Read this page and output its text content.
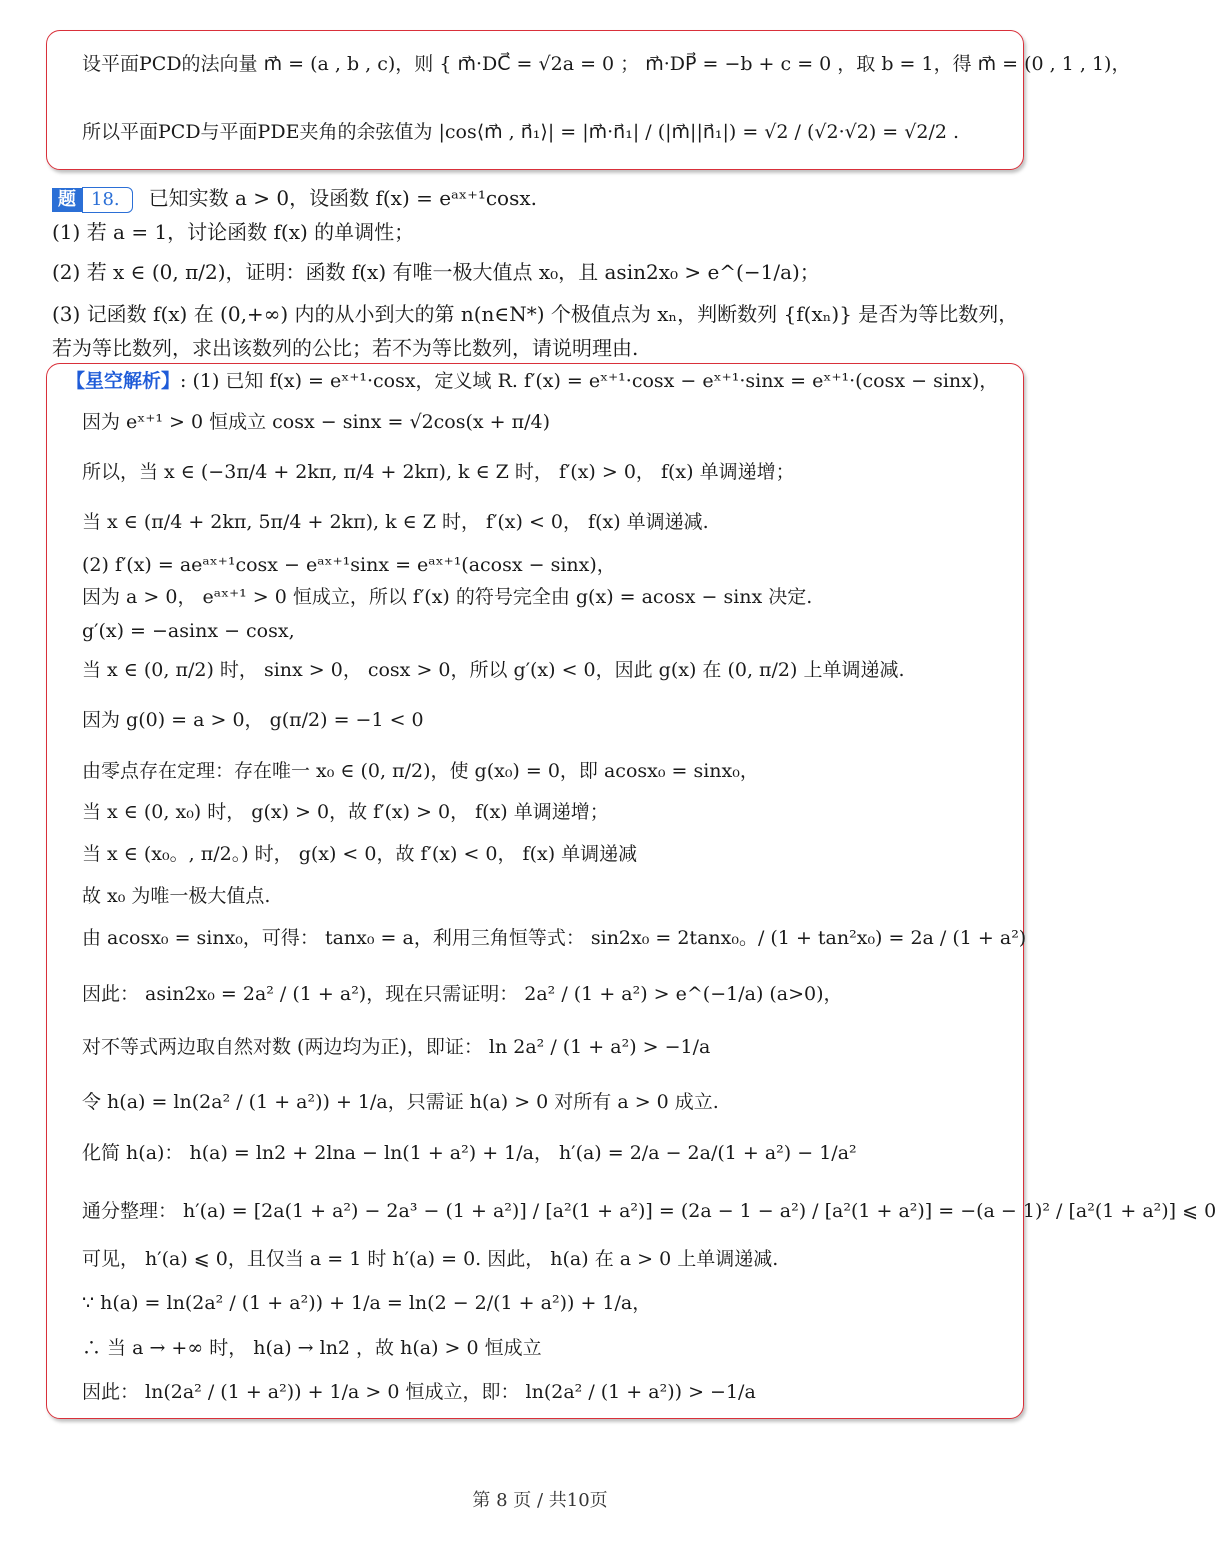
设平面PCD的法向量 m⃗ = (a , b , c)，则 { m⃗·DC⃗ = √2a = 0 ； m⃗·DP⃗ = −b + c = 0 ，取 b = 1，得 m⃗ = (0 , 1 , 1)，
所以平面PCD与平面PDE夹角的余弦值为 |cos⟨m⃗ , n⃗₁⟩| = |m⃗·n⃗₁| / (|m⃗||n⃗₁|) = √2 / (√2·√2) = √2/2 .
题 18. 已知实数 a > 0，设函数 f(x) = eᵃˣ⁺¹cosx.
(1) 若 a = 1，讨论函数 f(x) 的单调性；
(2) 若 x ∈ (0, π/2)，证明：函数 f(x) 有唯一极大值点 x₀，且 asin2x₀ > e^(−1/a)；
(3) 记函数 f(x) 在 (0,+∞) 内的从小到大的第 n(n∈N*) 个极值点为 xₙ，判断数列 {f(xₙ)} 是否为等比数列，
若为等比数列，求出该数列的公比；若不为等比数列，请说明理由.
【星空解析】: (1) 已知 f(x) = eˣ⁺¹·cosx，定义域 R. f′(x) = eˣ⁺¹·cosx − eˣ⁺¹·sinx = eˣ⁺¹·(cosx − sinx)，
因为 eˣ⁺¹ > 0 恒成立 cosx − sinx = √2cos(x + π/4)
所以，当 x ∈ (−3π/4 + 2kπ, π/4 + 2kπ), k ∈ Z 时， f′(x) > 0， f(x) 单调递增；
当 x ∈ (π/4 + 2kπ, 5π/4 + 2kπ), k ∈ Z 时， f′(x) < 0， f(x) 单调递减.
(2) f′(x) = aeᵃˣ⁺¹cosx − eᵃˣ⁺¹sinx = eᵃˣ⁺¹(acosx − sinx)，
因为 a > 0， eᵃˣ⁺¹ > 0 恒成立，所以 f′(x) 的符号完全由 g(x) = acosx − sinx 决定.
g′(x) = −asinx − cosx,
当 x ∈ (0, π/2) 时， sinx > 0， cosx > 0，所以 g′(x) < 0，因此 g(x) 在 (0, π/2) 上单调递减.
因为 g(0) = a > 0， g(π/2) = −1 < 0
由零点存在定理：存在唯一 x₀ ∈ (0, π/2)，使 g(x₀) = 0，即 acosx₀ = sinx₀，
当 x ∈ (0, x₀) 时， g(x) > 0，故 f′(x) > 0， f(x) 单调递增；
当 x ∈ (x₀。, π/2。) 时， g(x) < 0，故 f′(x) < 0， f(x) 单调递减
故 x₀ 为唯一极大值点.
由 acosx₀ = sinx₀，可得： tanx₀ = a，利用三角恒等式： sin2x₀ = 2tanx₀。/ (1 + tan²x₀) = 2a / (1 + a²)
因此： asin2x₀ = 2a² / (1 + a²)，现在只需证明： 2a² / (1 + a²) > e^(−1/a) (a>0)，
对不等式两边取自然对数 (两边均为正)，即证： ln 2a² / (1 + a²) > −1/a
令 h(a) = ln(2a² / (1 + a²)) + 1/a，只需证 h(a) > 0 对所有 a > 0 成立.
化简 h(a)： h(a) = ln2 + 2lna − ln(1 + a²) + 1/a， h′(a) = 2/a − 2a/(1 + a²) − 1/a²
通分整理： h′(a) = [2a(1 + a²) − 2a³ − (1 + a²)] / [a²(1 + a²)] = (2a − 1 − a²) / [a²(1 + a²)] = −(a − 1)² / [a²(1 + a²)] ⩽ 0
可见， h′(a) ⩽ 0，且仅当 a = 1 时 h′(a) = 0. 因此， h(a) 在 a > 0 上单调递减.
∵ h(a) = ln(2a² / (1 + a²)) + 1/a = ln(2 − 2/(1 + a²)) + 1/a，
∴ 当 a → +∞ 时， h(a) → ln2 ，故 h(a) > 0 恒成立
因此： ln(2a² / (1 + a²)) + 1/a > 0 恒成立，即： ln(2a² / (1 + a²)) > −1/a
第 8 页 / 共10页
